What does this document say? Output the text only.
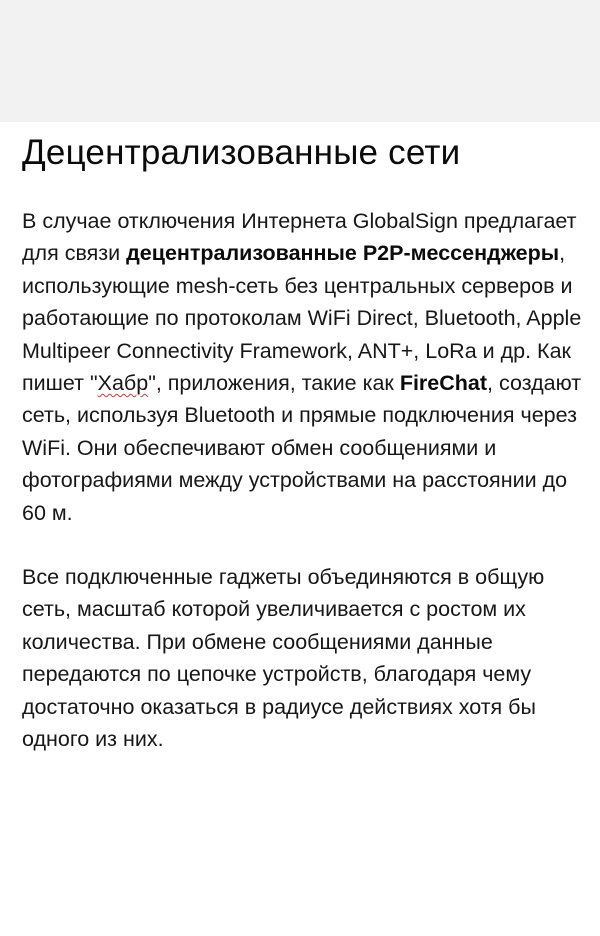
Децентрализованные сети

В случае отключения Интернета GlobalSign предлагает для связи децентрализованные P2P-мессенджеры, использующие mesh-сеть без центральных серверов и работающие по протоколам WiFi Direct, Bluetooth, Apple Multipeer Connectivity Framework, ANT+, LoRa и др. Как пишет "Хабр", приложения, такие как FireChat, создают сеть, используя Bluetooth и прямые подключения через WiFi. Они обеспечивают обмен сообщениями и фотографиями между устройствами на расстоянии до 60 м.

Все подключенные гаджеты объединяются в общую сеть, масштаб которой увеличивается с ростом их количества. При обмене сообщениями данные передаются по цепочке устройств, благодаря чему достаточно оказаться в радиусе действиях хотя бы одного из них.
